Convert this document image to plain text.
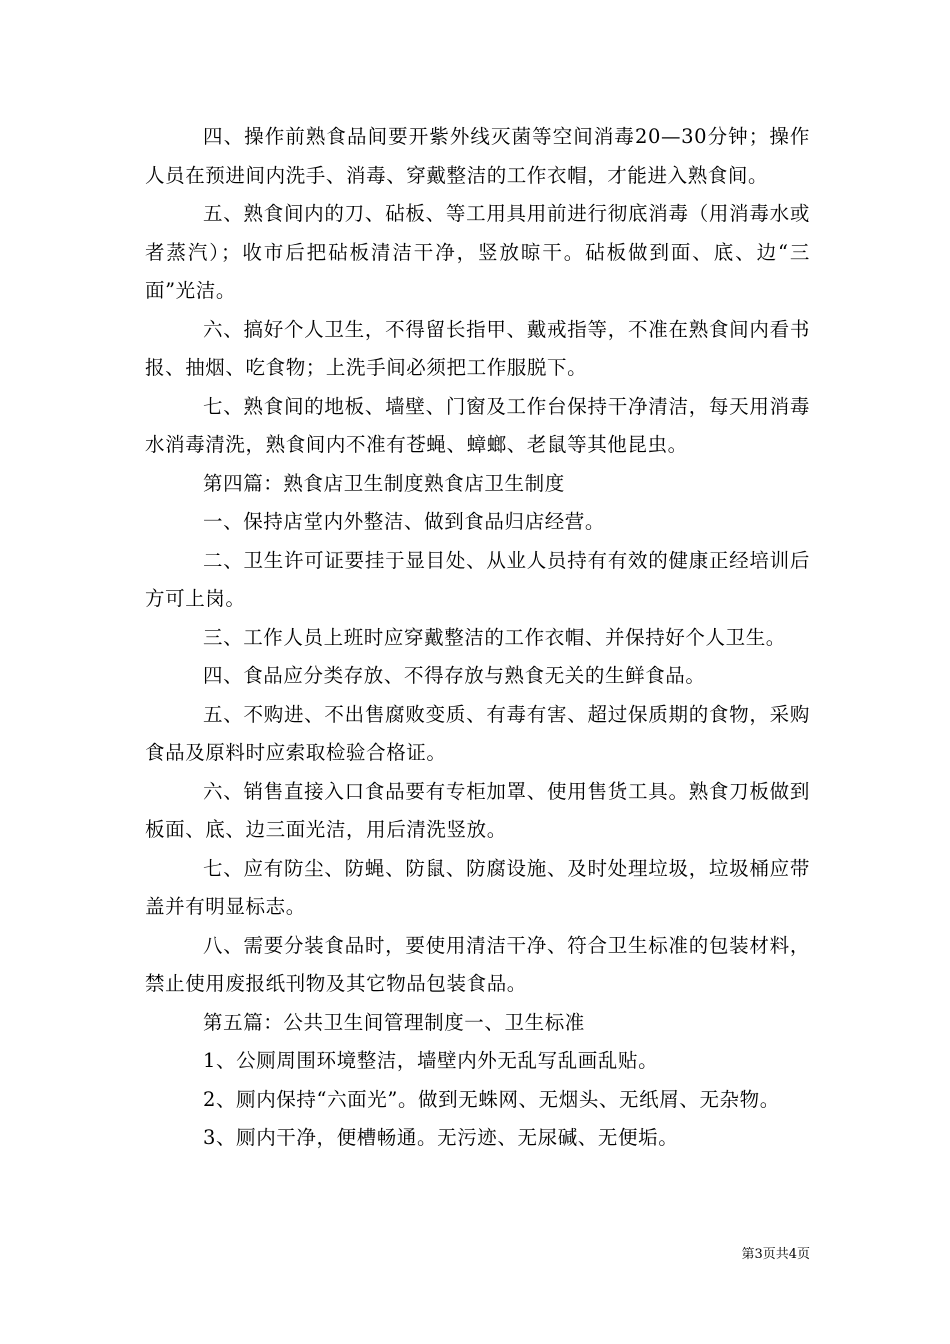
四、操作前熟食品间要开紫外线灭菌等空间消毒20—30分钟；操作人员在预进间内洗手、消毒、穿戴整洁的工作衣帽，才能进入熟食间。

五、熟食间内的刀、砧板、等工用具用前进行彻底消毒（用消毒水或者蒸汽）；收市后把砧板清洁干净，竖放晾干。砧板做到面、底、边“三面”光洁。

六、搞好个人卫生，不得留长指甲、戴戒指等，不准在熟食间内看书报、抽烟、吃食物；上洗手间必须把工作服脱下。

七、熟食间的地板、墙壁、门窗及工作台保持干净清洁，每天用消毒水消毒清洗，熟食间内不准有苍蝇、蟑螂、老鼠等其他昆虫。

第四篇：熟食店卫生制度熟食店卫生制度

一、保持店堂内外整洁、做到食品归店经营。

二、卫生许可证要挂于显目处、从业人员持有有效的健康正经培训后方可上岗。

三、工作人员上班时应穿戴整洁的工作衣帽、并保持好个人卫生。

四、食品应分类存放、不得存放与熟食无关的生鲜食品。

五、不购进、不出售腐败变质、有毒有害、超过保质期的食物，采购食品及原料时应索取检验合格证。

六、销售直接入口食品要有专柜加罩、使用售货工具。熟食刀板做到板面、底、边三面光洁，用后清洗竖放。

七、应有防尘、防蝇、防鼠、防腐设施、及时处理垃圾，垃圾桶应带盖并有明显标志。

八、需要分装食品时，要使用清洁干净、符合卫生标准的包装材料，禁止使用废报纸刊物及其它物品包装食品。

第五篇：公共卫生间管理制度一、卫生标准

1、公厕周围环境整洁，墙壁内外无乱写乱画乱贴。

2、厕内保持“六面光”。做到无蛛网、无烟头、无纸屑、无杂物。

3、厕内干净，便槽畅通。无污迹、无尿碱、无便垢。

第3页共4页
